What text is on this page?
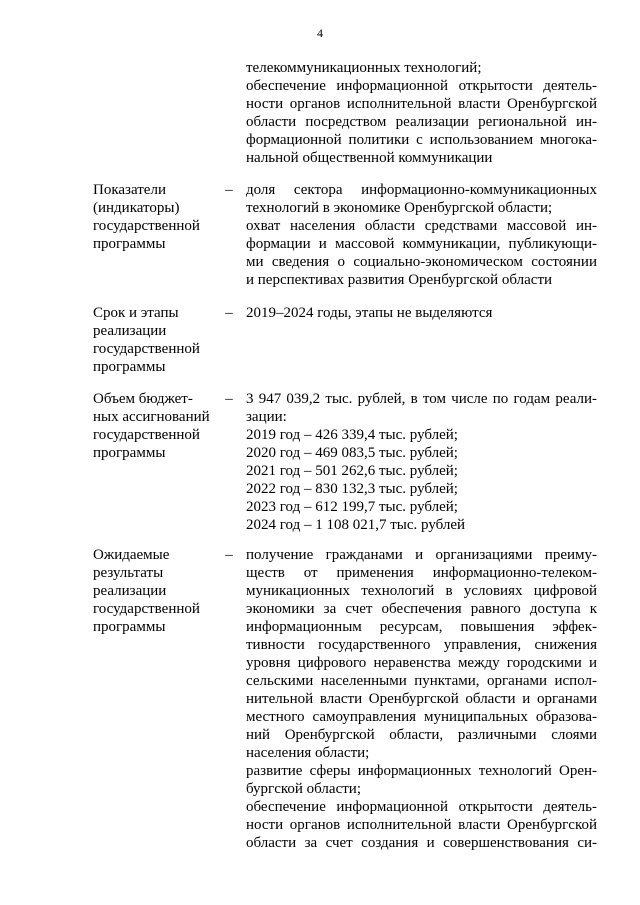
4
телекоммуникационных технологий;
обеспечение информационной открытости деятель-
ности органов исполнительной власти Оренбургской
области посредством реализации региональной ин-
формационной политики с использованием многока-
нальной общественной коммуникации
Показатели
(индикаторы)
государственной
программы
– доля сектора информационно-коммуникационных
технологий в экономике Оренбургской области;
охват населения области средствами массовой ин-
формации и массовой коммуникации, публикующи-
ми сведения о социально-экономическом состоянии
и перспективах развития Оренбургской области
Срок и этапы
реализации
государственной
программы
– 2019–2024 годы, этапы не выделяются
Объем бюджет-
ных ассигнований
государственной
программы
– 3 947 039,2 тыс. рублей, в том числе по годам реали-
зации:
2019 год – 426 339,4 тыс. рублей;
2020 год – 469 083,5 тыс. рублей;
2021 год – 501 262,6 тыс. рублей;
2022 год – 830 132,3 тыс. рублей;
2023 год – 612 199,7 тыс. рублей;
2024 год – 1 108 021,7 тыс. рублей
Ожидаемые
результаты
реализации
государственной
программы
– получение гражданами и организациями преиму-
ществ от применения информационно-телеком-
муникационных технологий в условиях цифровой
экономики за счет обеспечения равного доступа к
информационным ресурсам, повышения эффек-
тивности государственного управления, снижения
уровня цифрового неравенства между городскими и
сельскими населенными пунктами, органами испол-
нительной власти Оренбургской области и органами
местного самоуправления муниципальных образова-
ний Оренбургской области, различными слоями
населения области;
развитие сферы информационных технологий Орен-
бургской области;
обеспечение информационной открытости деятель-
ности органов исполнительной власти Оренбургской
области за счет создания и совершенствования си-
